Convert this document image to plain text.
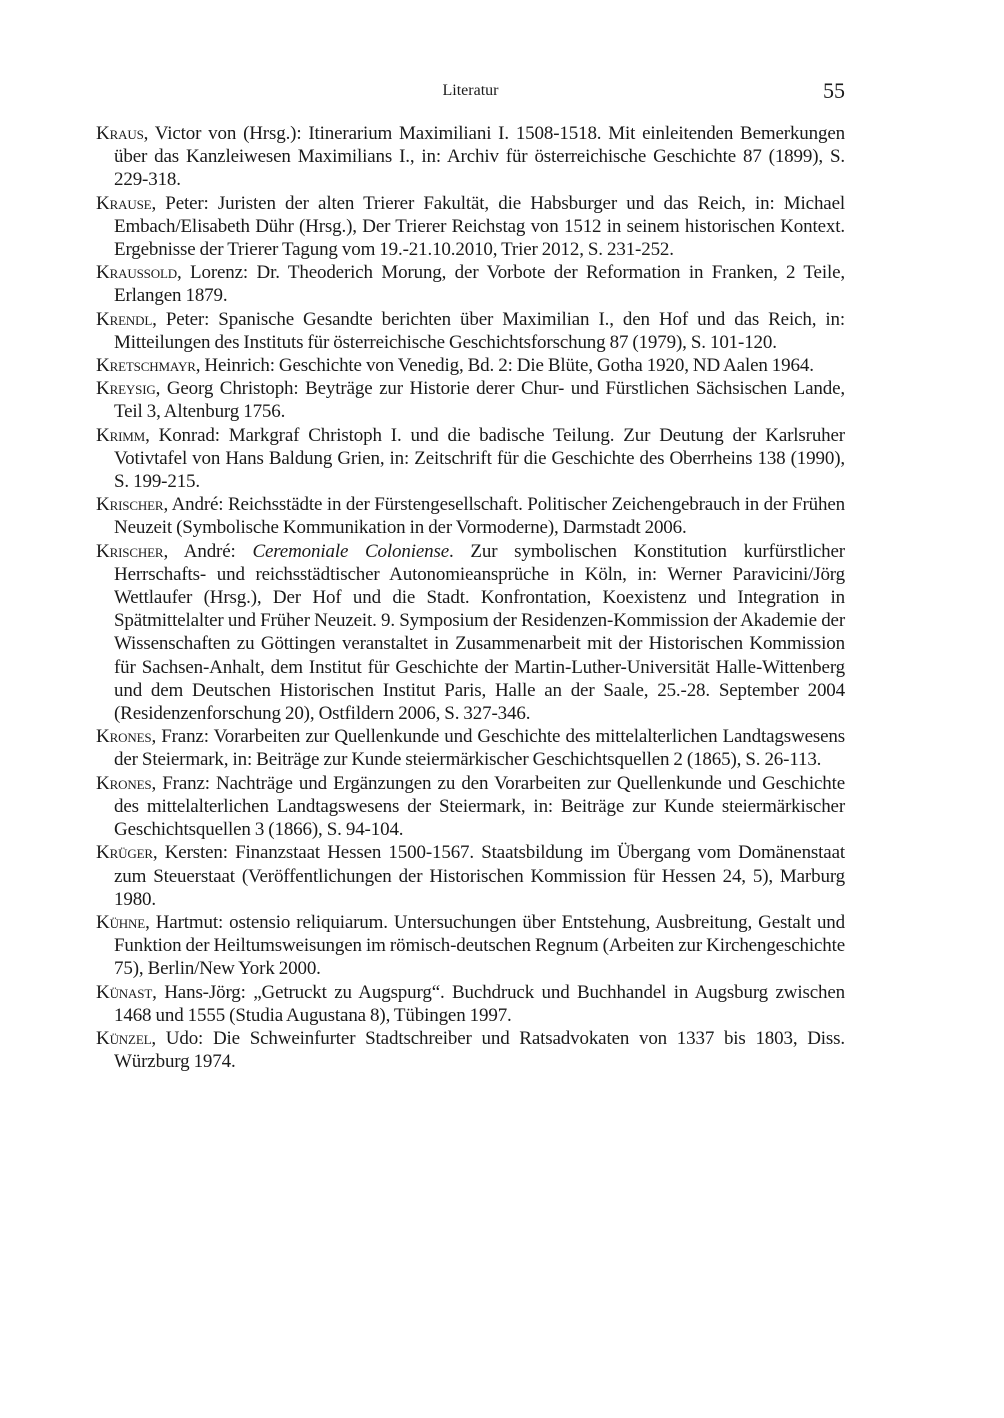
Literatur	55

Kraus, Victor von (Hrsg.): Itinerarium Maximiliani I. 1508-1518. Mit einleitenden Bemerkungen über das Kanzleiwesen Maximilians I., in: Archiv für österreichische Geschichte 87 (1899), S. 229-318.

Krause, Peter: Juristen der alten Trierer Fakultät, die Habsburger und das Reich, in: Michael Embach/Elisabeth Dühr (Hrsg.), Der Trierer Reichstag von 1512 in seinem historischen Kontext. Ergebnisse der Trierer Tagung vom 19.-21.10.2010, Trier 2012, S. 231-252.

Kraussold, Lorenz: Dr. Theoderich Morung, der Vorbote der Reformation in Franken, 2 Teile, Erlangen 1879.

Krendl, Peter: Spanische Gesandte berichten über Maximilian I., den Hof und das Reich, in: Mitteilungen des Instituts für österreichische Geschichtsforschung 87 (1979), S. 101-120.

Kretschmayr, Heinrich: Geschichte von Venedig, Bd. 2: Die Blüte, Gotha 1920, ND Aalen 1964.

Kreysig, Georg Christoph: Beyträge zur Historie derer Chur- und Fürstlichen Sächsischen Lande, Teil 3, Altenburg 1756.

Krimm, Konrad: Markgraf Christoph I. und die badische Teilung. Zur Deutung der Karlsruher Votivtafel von Hans Baldung Grien, in: Zeitschrift für die Geschichte des Oberrheins 138 (1990), S. 199-215.

Krischer, André: Reichsstädte in der Fürstengesellschaft. Politischer Zeichengebrauch in der Frühen Neuzeit (Symbolische Kommunikation in der Vormoderne), Darmstadt 2006.

Krischer, André: Ceremoniale Coloniense. Zur symbolischen Konstitution kurfürstlicher Herrschafts- und reichsstädtischer Autonomieansprüche in Köln, in: Werner Paravicini/Jörg Wettlaufer (Hrsg.), Der Hof und die Stadt. Konfrontation, Koexistenz und Integration in Spätmittelalter und Früher Neuzeit. 9. Symposium der Residenzen-Kommission der Akademie der Wissenschaften zu Göttingen veranstaltet in Zusammenarbeit mit der Historischen Kommission für Sachsen-Anhalt, dem Institut für Geschichte der Martin-Luther-Universität Halle-Wittenberg und dem Deutschen Historischen Institut Paris, Halle an der Saale, 25.-28. September 2004 (Residenzenforschung 20), Ostfildern 2006, S. 327-346.

Krones, Franz: Vorarbeiten zur Quellenkunde und Geschichte des mittelalterlichen Landtagswesens der Steiermark, in: Beiträge zur Kunde steiermärkischer Geschichtsquellen 2 (1865), S. 26-113.

Krones, Franz: Nachträge und Ergänzungen zu den Vorarbeiten zur Quellenkunde und Geschichte des mittelalterlichen Landtagswesens der Steiermark, in: Beiträge zur Kunde steiermärkischer Geschichtsquellen 3 (1866), S. 94-104.

Krüger, Kersten: Finanzstaat Hessen 1500-1567. Staatsbildung im Übergang vom Domänenstaat zum Steuerstaat (Veröffentlichungen der Historischen Kommission für Hessen 24, 5), Marburg 1980.

Kühne, Hartmut: ostensio reliquiarum. Untersuchungen über Entstehung, Ausbreitung, Gestalt und Funktion der Heiltumsweisungen im römisch-deutschen Regnum (Arbeiten zur Kirchengeschichte 75), Berlin/New York 2000.

Künast, Hans-Jörg: „Getruckt zu Augspurg“. Buchdruck und Buchhandel in Augsburg zwischen 1468 und 1555 (Studia Augustana 8), Tübingen 1997.

Künzel, Udo: Die Schweinfurter Stadtschreiber und Ratsadvokaten von 1337 bis 1803, Diss. Würzburg 1974.
